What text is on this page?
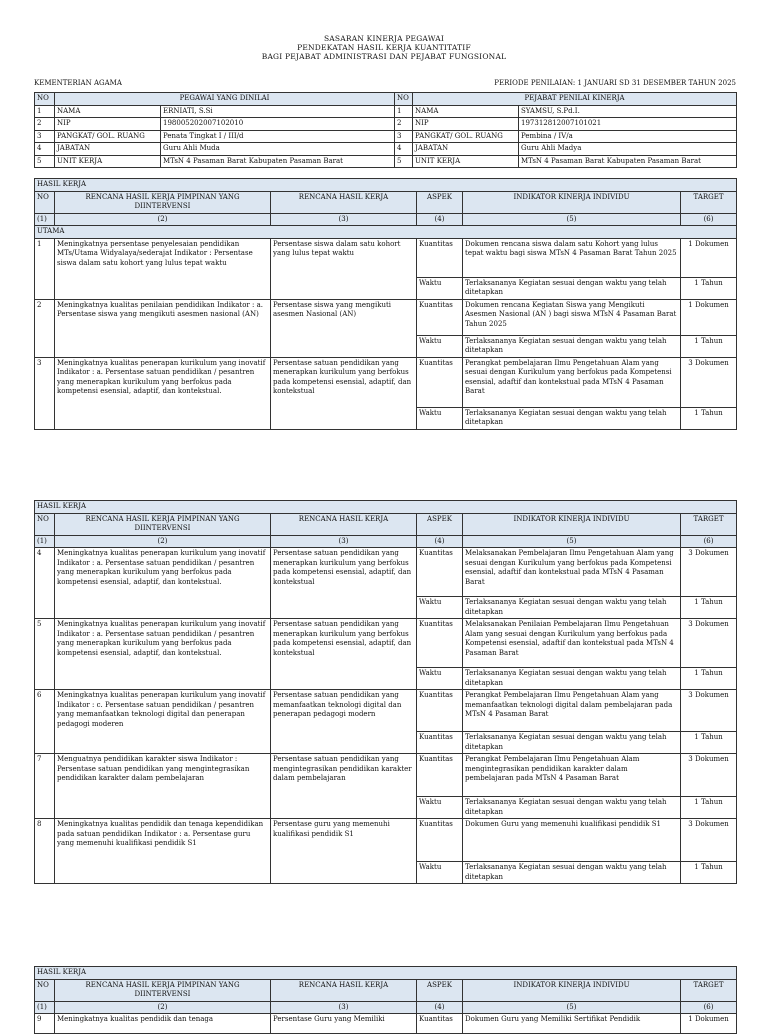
SASARAN KINERJA PEGAWAI
PENDEKATAN HASIL KERJA KUANTITATIF
BAGI PEJABAT ADMINISTRASI DAN PEJABAT FUNGSIONAL
KEMENTERIAN AGAMA	PERIODE PENILAIAN: 1 JANUARI SD 31 DESEMBER TAHUN 2025
NO	PEGAWAI YANG DINILAI		NO	PEJABAT PENILAI KINERJA	
1	NAMA	ERNIATI, S.Si	1	NAMA	SYAMSU, S.Pd.I.
2	NIP	198005202007102010	2	NIP	197312812007101021
3	PANGKAT/ GOL. RUANG	Penata Tingkat I / III/d	3	PANGKAT/ GOL. RUANG	Pembina / IV/a
4	JABATAN	Guru Ahli Muda	4	JABATAN	Guru Ahli Madya
5	UNIT KERJA	MTsN 4 Pasaman Barat Kabupaten Pasaman Barat	5	UNIT KERJA	MTsN 4 Pasaman Barat Kabupaten Pasaman Barat
HASIL KERJA					
NO	RENCANA HASIL KERJA PIMPINAN YANG DIINTERVENSI	RENCANA HASIL KERJA	ASPEK	INDIKATOR KINERJA INDIVIDU	TARGET
(1)	(2)	(3)	(4)	(5)	(6)
UTAMA					
1	Meningkatnya persentase penyelesaian pendidikan MTs/Utama Widyalaya/sederajat Indikator : Persentase siswa dalam satu kohort yang lulus tepat waktu	Persentase siswa dalam satu kohort yang lulus tepat waktu	Kuantitas	Dokumen rencana siswa dalam satu Kohort yang lulus tepat waktu bagi siswa MTsN 4 Pasaman Barat Tahun 2025	1 Dokumen
			Waktu	Terlaksananya Kegiatan sesuai dengan waktu yang telah ditetapkan	1 Tahun
2	Meningkatnya kualitas penilaian pendidikan Indikator : a. Persentase siswa yang mengikuti asesmen nasional (AN)	Persentase siswa yang mengikuti asesmen Nasional (AN)	Kuantitas	Dokumen rencana Kegiatan Siswa yang Mengikuti Asesmen Nasional (AN ) bagi siswa MTsN 4 Pasaman Barat Tahun 2025	1 Dokumen
			Waktu	Terlaksananya Kegiatan sesuai dengan waktu yang telah ditetapkan	1 Tahun
3	Meningkatnya kualitas penerapan kurikulum yang inovatif Indikator : a. Persentase satuan pendidikan / pesantren yang menerapkan kurikulum yang berfokus pada kompetensi esensial, adaptif, dan kontekstual.	Persentase satuan pendidikan yang menerapkan kurikulum yang berfokus pada kompetensi esensial, adaptif, dan kontekstual	Kuantitas	Perangkat pembelajaran Ilmu Pengetahuan Alam yang sesuai dengan Kurikulum yang berfokus pada Kompetensi esensial, adaftif dan kontekstual pada MTsN 4 Pasaman Barat	3 Dokumen
			Waktu	Terlaksananya Kegiatan sesuai dengan waktu yang telah ditetapkan	1 Tahun
HASIL KERJA					
NO	RENCANA HASIL KERJA PIMPINAN YANG DIINTERVENSI	RENCANA HASIL KERJA	ASPEK	INDIKATOR KINERJA INDIVIDU	TARGET
(1)	(2)	(3)	(4)	(5)	(6)
4	Meningkatnya kualitas penerapan kurikulum yang inovatif Indikator : a. Persentase satuan pendidikan / pesantren yang menerapkan kurikulum yang berfokus pada kompetensi esensial, adaptif, dan kontekstual.	Persentase satuan pendidikan yang menerapkan kurikulum yang berfokus pada kompetensi esensial, adaptif, dan kontekstual	Kuantitas	Melaksanakan Pembelajaran Ilmu Pengetahuan Alam yang sesuai dengan Kurikulum yang berfokus pada Kompetensi esensial, adaftif dan kontekstual pada MTsN 4 Pasaman Barat	3 Dokumen
			Waktu	Terlaksananya Kegiatan sesuai dengan waktu yang telah ditetapkan	1 Tahun
5	Meningkatnya kualitas penerapan kurikulum yang inovatif Indikator : a. Persentase satuan pendidikan / pesantren yang menerapkan kurikulum yang berfokus pada kompetensi esensial, adaptif, dan kontekstual.	Persentase satuan pendidikan yang menerapkan kurikulum yang berfokus pada kompetensi esensial, adaptif, dan kontekstual	Kuantitas	Melaksanakan Penilaian Pembelajaran Ilmu Pengetahuan Alam yang sesuai dengan Kurikulum yang berfokus pada Kompetensi esensial, adaftif dan kontekstual pada MTsN 4 Pasaman Barat	3 Dokumen
			Waktu	Terlaksananya Kegiatan sesuai dengan waktu yang telah ditetapkan	1 Tahun
6	Meningkatnya kualitas penerapan kurikulum yang inovatif Indikator : c. Persentase satuan pendidikan / pesantren yang memanfaatkan teknologi digital dan penerapan pedagogi moderen	Persentase satuan pendidikan yang memanfaatkan teknologi digital dan penerapan pedagogi modern	Kuantitas	Perangkat Pembelajaran Ilmu Pengetahuan Alam yang memanfaatkan teknologi digital dalam pembelajaran pada MTsN 4 Pasaman Barat	3 Dokumen
			Kuantitas	Terlaksananya Kegiatan sesuai dengan waktu yang telah ditetapkan	1 Tahun
7	Menguatnya pendidikan karakter siswa Indikator : Persentase satuan pendidikan yang mengintegrasikan pendidikan karakter dalam pembelajaran	Persentase satuan pendidikan yang mengintegrasikan pendidikan karakter dalam pembelajaran	Kuantitas	Perangkat Pembelajaran Ilmu Pengetahuan Alam mengintegrasikan pendidikan karakter dalam pembelajaran pada MTsN 4 Pasaman Barat	3 Dokumen
			Waktu	Terlaksananya Kegiatan sesuai dengan waktu yang telah ditetapkan	1 Tahun
8	Meningkatnya kualitas pendidik dan tenaga kependidikan pada satuan pendidikan Indikator : a. Persentase guru yang memenuhi kualifikasi pendidik S1	Persentase guru yang memenuhi kualifikasi pendidik S1	Kuantitas	Dokumen Guru yang memenuhi kualifikasi pendidik S1	3 Dokumen
			Waktu	Terlaksananya Kegiatan sesuai dengan waktu yang telah ditetapkan	1 Tahun
HASIL KERJA					
NO	RENCANA HASIL KERJA PIMPINAN YANG DIINTERVENSI	RENCANA HASIL KERJA	ASPEK	INDIKATOR KINERJA INDIVIDU	TARGET
(1)	(2)	(3)	(4)	(5)	(6)
9	Meningkatnya kualitas pendidik dan tenaga	Persentase Guru yang Memiliki	Kuantitas	Dokumen Guru yang Memiliki Sertifikat Pendidik	1 Dokumen
